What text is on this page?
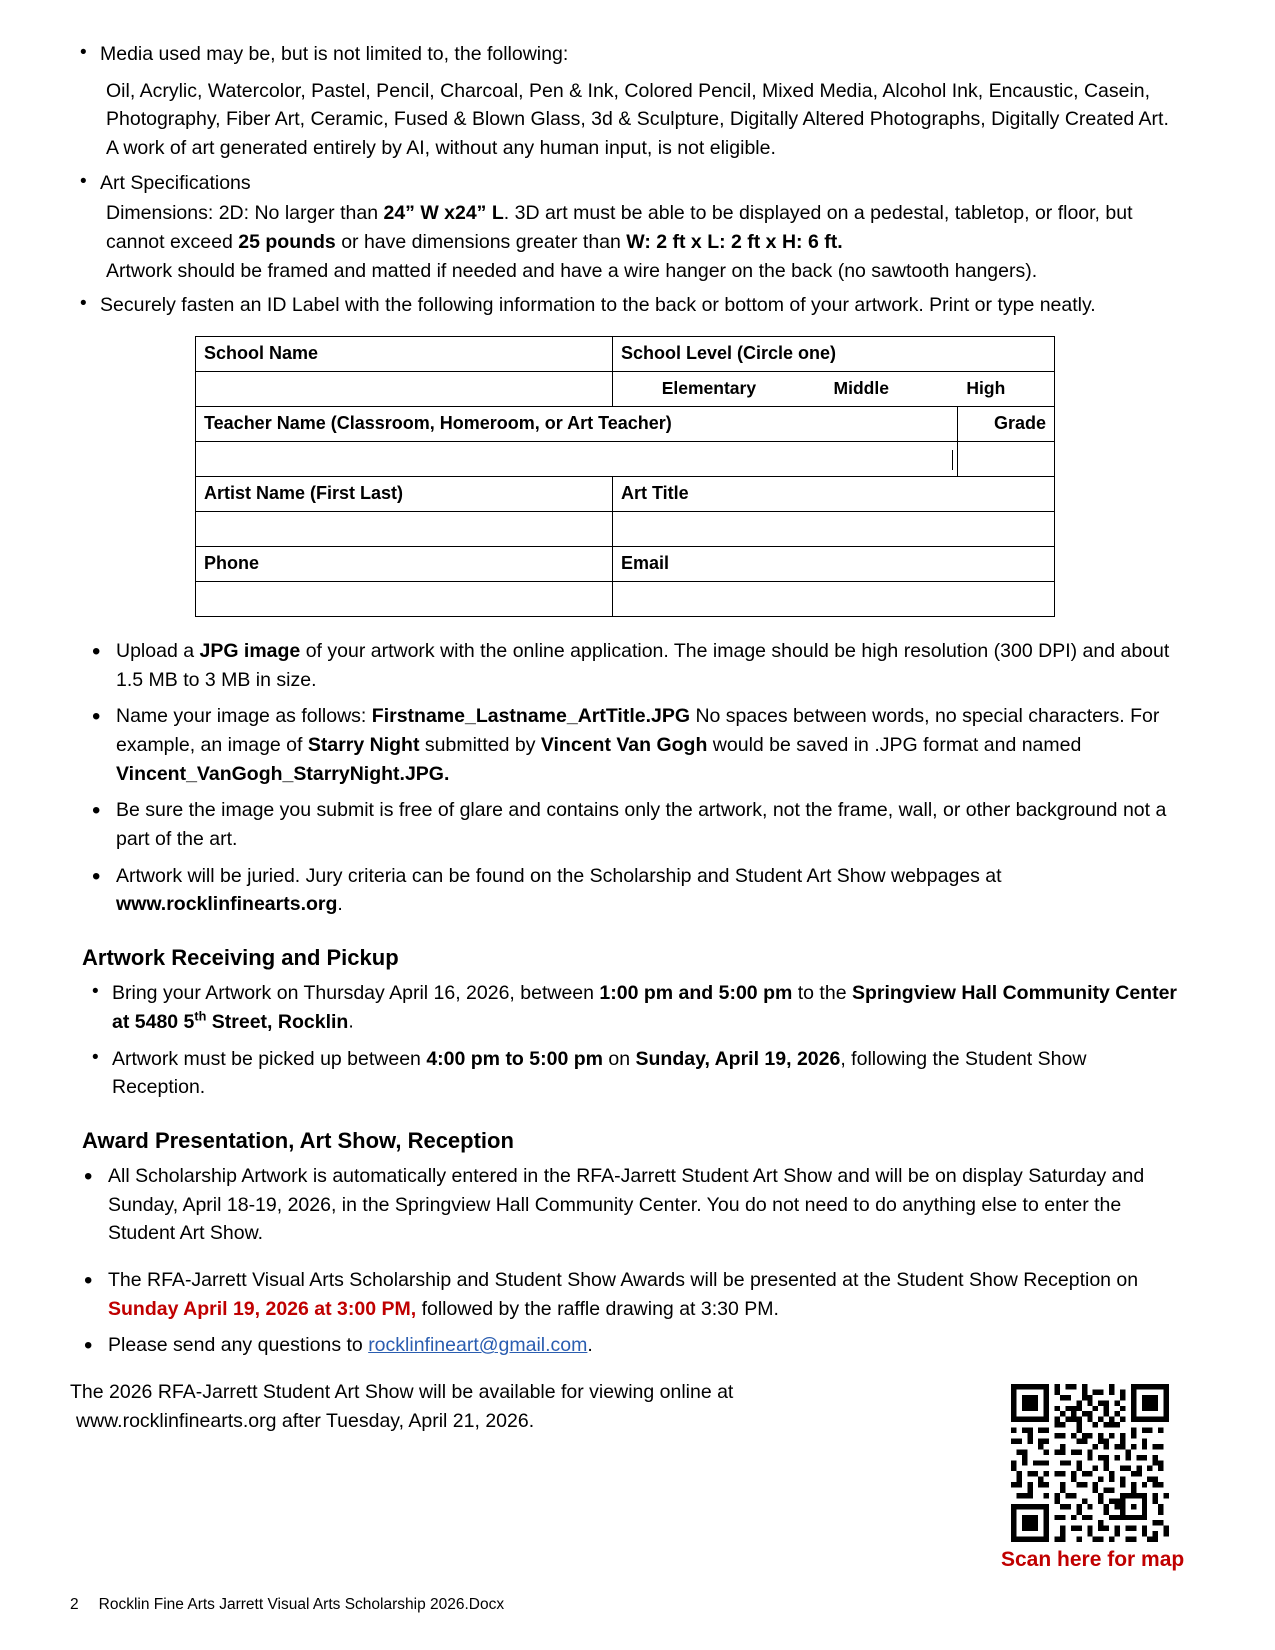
• Media used may be, but is not limited to, the following:
Oil, Acrylic, Watercolor, Pastel, Pencil, Charcoal, Pen & Ink, Colored Pencil, Mixed Media, Alcohol Ink, Encaustic, Casein, Photography, Fiber Art, Ceramic, Fused & Blown Glass, 3d & Sculpture, Digitally Altered Photographs, Digitally Created Art. A work of art generated entirely by AI, without any human input, is not eligible.
• Art Specifications
Dimensions: 2D: No larger than 24” W x24” L. 3D art must be able to be displayed on a pedestal, tabletop, or floor, but cannot exceed 25 pounds or have dimensions greater than W: 2 ft x L: 2 ft x H: 6 ft.
Artwork should be framed and matted if needed and have a wire hanger on the back (no sawtooth hangers).
• Securely fasten an ID Label with the following information to the back or bottom of your artwork. Print or type neatly.
School Name	School Level (Circle one)	

	Elementary Middle High	

Teacher Name (Classroom, Homeroom, or Art Teacher)		Grade

Artist Name (First Last)	Art Title	

Phone	Email	

• Upload a JPG image of your artwork with the online application. The image should be high resolution (300 DPI) and about 1.5 MB to 3 MB in size.
• Name your image as follows: Firstname_Lastname_ArtTitle.JPG No spaces between words, no special characters. For example, an image of Starry Night submitted by Vincent Van Gogh would be saved in .JPG format and named Vincent_VanGogh_StarryNight.JPG.
• Be sure the image you submit is free of glare and contains only the artwork, not the frame, wall, or other background not a part of the art.
• Artwork will be juried. Jury criteria can be found on the Scholarship and Student Art Show webpages at www.rocklinfinearts.org.
Artwork Receiving and Pickup
• Bring your Artwork on Thursday April 16, 2026, between 1:00 pm and 5:00 pm to the Springview Hall Community Center at 5480 5th Street, Rocklin.
• Artwork must be picked up between 4:00 pm to 5:00 pm on Sunday, April 19, 2026, following the Student Show Reception.
Award Presentation, Art Show, Reception
• All Scholarship Artwork is automatically entered in the RFA-Jarrett Student Art Show and will be on display Saturday and Sunday, April 18-19, 2026, in the Springview Hall Community Center. You do not need to do anything else to enter the Student Art Show.
• The RFA-Jarrett Visual Arts Scholarship and Student Show Awards will be presented at the Student Show Reception on Sunday April 19, 2026 at 3:00 PM, followed by the raffle drawing at 3:30 PM.
• Please send any questions to rocklinfineart@gmail.com.
The 2026 RFA-Jarrett Student Art Show will be available for viewing online at
www.rocklinfinearts.org after Tuesday, April 21, 2026.
Scan here for map
2 Rocklin Fine Arts Jarrett Visual Arts Scholarship 2026.Docx
